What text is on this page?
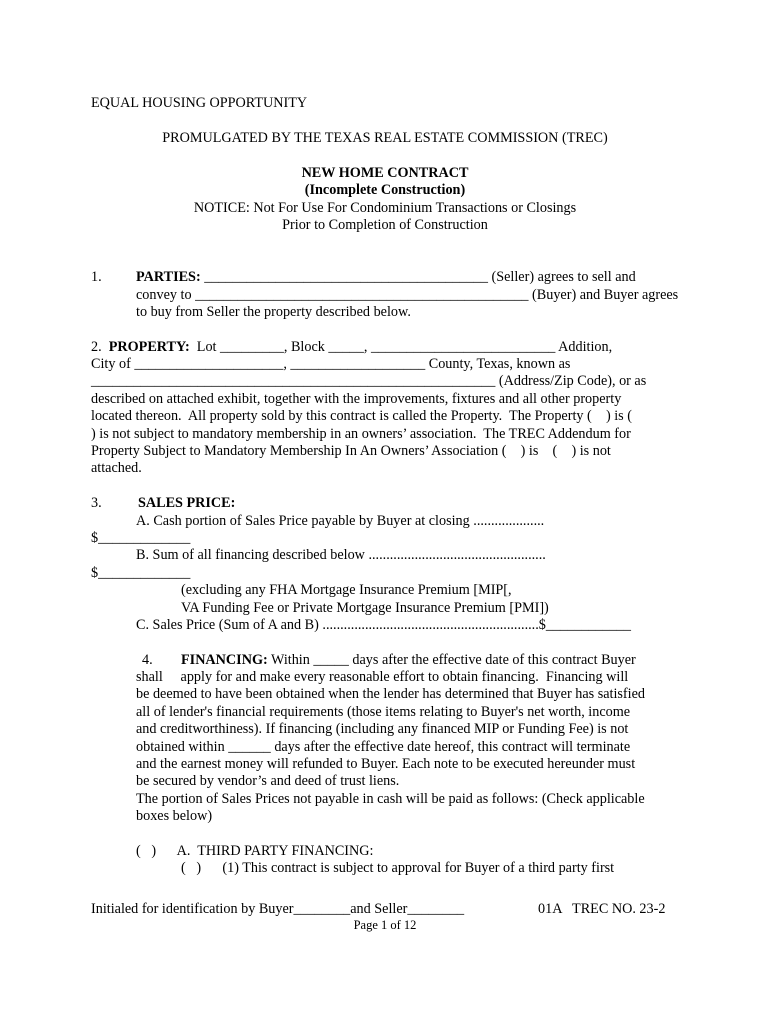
EQUAL HOUSING OPPORTUNITY
PROMULGATED BY THE TEXAS REAL ESTATE COMMISSION (TREC)
NEW HOME CONTRACT
(Incomplete Construction)
NOTICE: Not For Use For Condominium Transactions or Closings
Prior to Completion of Construction
1. PARTIES: ________________________________________ (Seller) agrees to sell and
convey to _______________________________________________ (Buyer) and Buyer agrees
to buy from Seller the property described below.
2. PROPERTY:  Lot _________, Block _____, __________________________ Addition,
City of _____________________, ___________________ County, Texas, known as
_________________________________________________________ (Address/Zip Code), or as
described on attached exhibit, together with the improvements, fixtures and all other property
located thereon.  All property sold by this contract is called the Property.  The Property (    ) is (
) is not subject to mandatory membership in an owners’ association.  The TREC Addendum for
Property Subject to Mandatory Membership In An Owners’ Association (    ) is    (    ) is not
attached.
3.	SALES PRICE:
A. Cash portion of Sales Price payable by Buyer at closing ....................
$_____________
B. Sum of all financing described below ..................................................
$_____________
(excluding any FHA Mortgage Insurance Premium [MIP[,
VA Funding Fee or Private Mortgage Insurance Premium [PMI])
C. Sales Price (Sum of A and B) .............................................................$____________
4. FINANCING: Within _____ days after the effective date of this contract Buyer
shall     apply for and make every reasonable effort to obtain financing.  Financing will
be deemed to have been obtained when the lender has determined that Buyer has satisfied
all of lender's financial requirements (those items relating to Buyer's net worth, income
and creditworthiness). If financing (including any financed MIP or Funding Fee) is not
obtained within ______ days after the effective date hereof, this contract will terminate
and the earnest money will refunded to Buyer. Each note to be executed hereunder must
be secured by vendor’s and deed of trust liens.
The portion of Sales Prices not payable in cash will be paid as follows: (Check applicable
boxes below)
(   )      A.  THIRD PARTY FINANCING:
(   )      (1) This contract is subject to approval for Buyer of a third party first
Initialed for identification by Buyer________and Seller________	01A   TREC NO. 23-2
Page 1 of 12
